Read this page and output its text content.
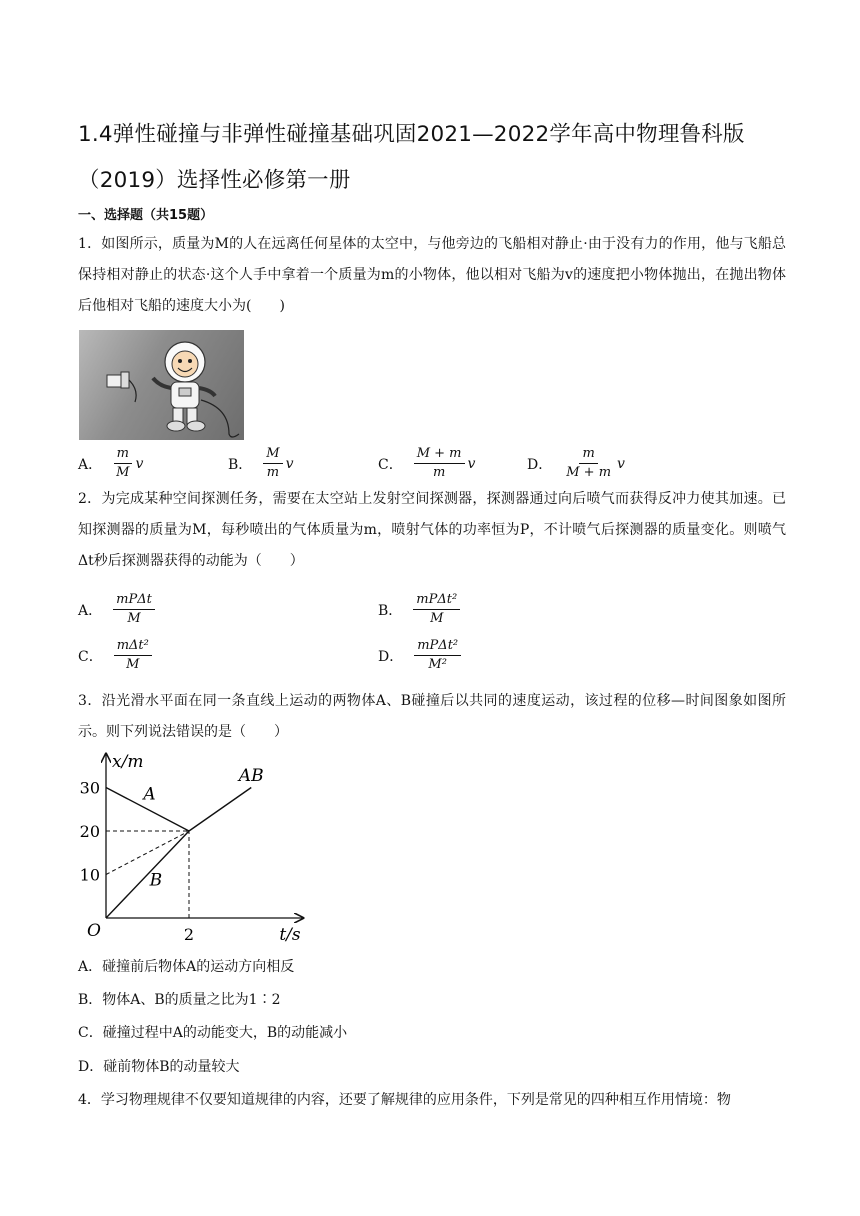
1.4弹性碰撞与非弹性碰撞基础巩固2021—2022学年高中物理鲁科版（2019）选择性必修第一册
一、选择题（共15题）
1．如图所示，质量为M的人在远离任何星体的太空中，与他旁边的飞船相对静止·由于没有力的作用，他与飞船总保持相对静止的状态·这个人手中拿着一个质量为m的小物体，他以相对飞船为v的速度把小物体抛出，在抛出物体后他相对飞船的速度大小为(　　)
A． $\frac{m}{M}$ v	B． $\frac{M}{m}$ v	C． $\frac{M + m}{m}$ v	D． $\frac{m}{M + m}$ v
2．为完成某种空间探测任务，需要在太空站上发射空间探测器，探测器通过向后喷气而获得反冲力使其加速。已知探测器的质量为M，每秒喷出的气体质量为m，喷射气体的功率恒为P，不计喷气后探测器的质量变化。则喷气Δt秒后探测器获得的动能为（　　）
A． $\frac{\text{mPΔt}}{M}$	B． $\frac{\text{mPΔt²}}{M}$
C． $\frac{\text{mΔt²}}{M}$	D． $\frac{\text{mPΔt²}}{\text{M²}}$
3．沿光滑水平面在同一条直线上运动的两物体A、B碰撞后以共同的速度运动，该过程的位移—时间图象如图所示。则下列说法错误的是（　　）
A
B
AB
10
20
30
2
O
x/m
t/s
A．碰撞前后物体A的运动方向相反
B．物体A、B的质量之比为1∶2
C．碰撞过程中A的动能变大，B的动能减小
D．碰前物体B的动量较大
4．学习物理规律不仅要知道规律的内容，还要了解规律的应用条件，下列是常见的四种相互作用情境：物
